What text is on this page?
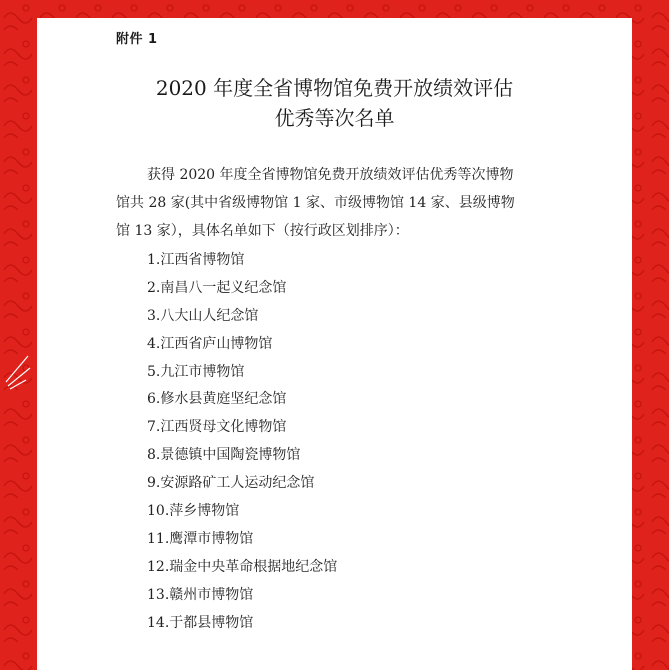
附件 1
2020 年度全省博物馆免费开放绩效评估
优秀等次名单
获得 2020 年度全省博物馆免费开放绩效评估优秀等次博物
馆共 28 家(其中省级博物馆 1 家、市级博物馆 14 家、县级博物
馆 13 家），具体名单如下（按行政区划排序）：
1.江西省博物馆
2.南昌八一起义纪念馆
3.八大山人纪念馆
4.江西省庐山博物馆
5.九江市博物馆
6.修水县黄庭坚纪念馆
7.江西贤母文化博物馆
8.景德镇中国陶瓷博物馆
9.安源路矿工人运动纪念馆
10.萍乡博物馆
11.鹰潭市博物馆
12.瑞金中央革命根据地纪念馆
13.赣州市博物馆
14.于都县博物馆
